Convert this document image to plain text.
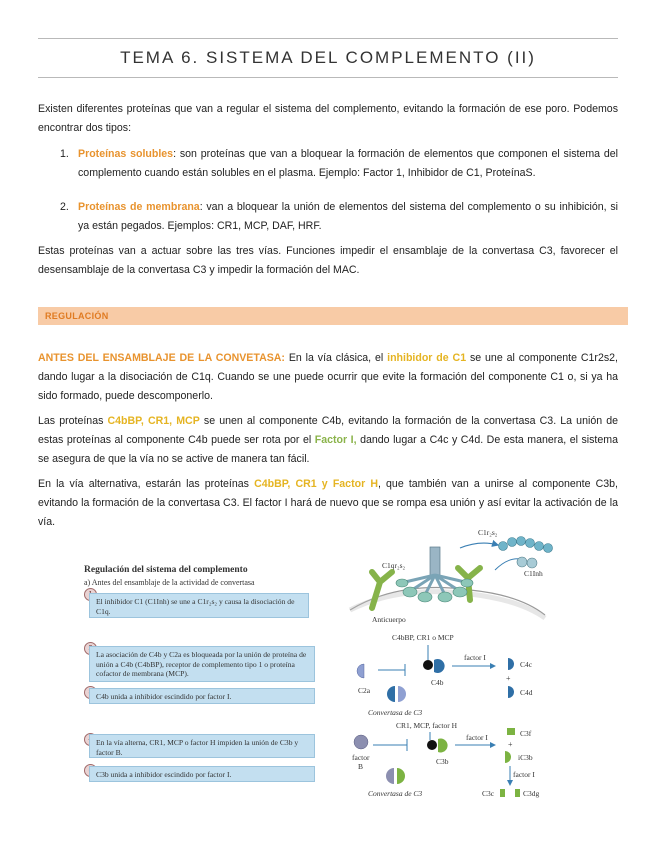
TEMA 6. SISTEMA DEL COMPLEMENTO (II)

Existen diferentes proteínas que van a regular el sistema del complemento, evitando la formación de ese poro. Podemos encontrar dos tipos:

1. Proteínas solubles: son proteínas que van a bloquear la formación de elementos que componen el sistema del complemento cuando están solubles en el plasma. Ejemplo: Factor 1, Inhibidor de C1, ProteínaS.
2. Proteínas de membrana: van a bloquear la unión de elementos del sistema del complemento o su inhibición, si ya están pegados. Ejemplos: CR1, MCP, DAF, HRF.

Estas proteínas van a actuar sobre las tres vías. Funciones impedir el ensamblaje de la convertasa C3, favorecer el desensamblaje de la convertasa C3 y impedir la formación del MAC.

REGULACIÓN

ANTES DEL ENSAMBLAJE DE LA CONVETASA: En la vía clásica, el inhibidor de C1 se une al componente C1r2s2, dando lugar a la disociación de C1q. Cuando se une puede ocurrir que evite la formación del componente C1 o, si ya ha sido formado, puede descomponerlo.

Las proteínas C4bBP, CR1, MCP se unen al componente C4b, evitando la formación de la convertasa C3. La unión de estas proteínas al componente C4b puede ser rota por el Factor I, dando lugar a C4c y C4d. De esta manera, el sistema se asegura de que la vía no se active de manera tan fácil.

En la vía alternativa, estarán las proteínas C4bBP, CR1 y Factor H, que también van a unirse al componente C3b, evitando la formación de la convertasa C3. El factor I hará de nuevo que se rompa esa unión y así evitar la activación de la vía.

Regulación del sistema del complemento
a) Antes del ensamblaje de la actividad de convertasa
El inhibidor C1 (C1Inh) se une a C1r₂s₂ y causa la disociación de C1q.
La asociación de C4b y C2a es bloqueada por la unión de proteína de unión a C4b (C4bBP), receptor de complemento tipo 1 o proteína cofactor de membrana (MCP).
C4b unida a inhibidor escindido por factor I.
En la vía alterna, CR1, MCP o factor H impiden la unión de C3b y factor B.
C3b unida a inhibidor escindido por factor I.
C1r₂s₂
C1qr₂s₂
C1Inh
Anticuerpo
C4bBP, CR1 o MCP
C4b
C2a
factor I
C4c
+
C4d
Convertasa de C3
CR1, MCP, factor H
C3b
factor
B
factor I	C3f
+
iC3b
factor I
C3c	C3dg
Convertasa de C3
